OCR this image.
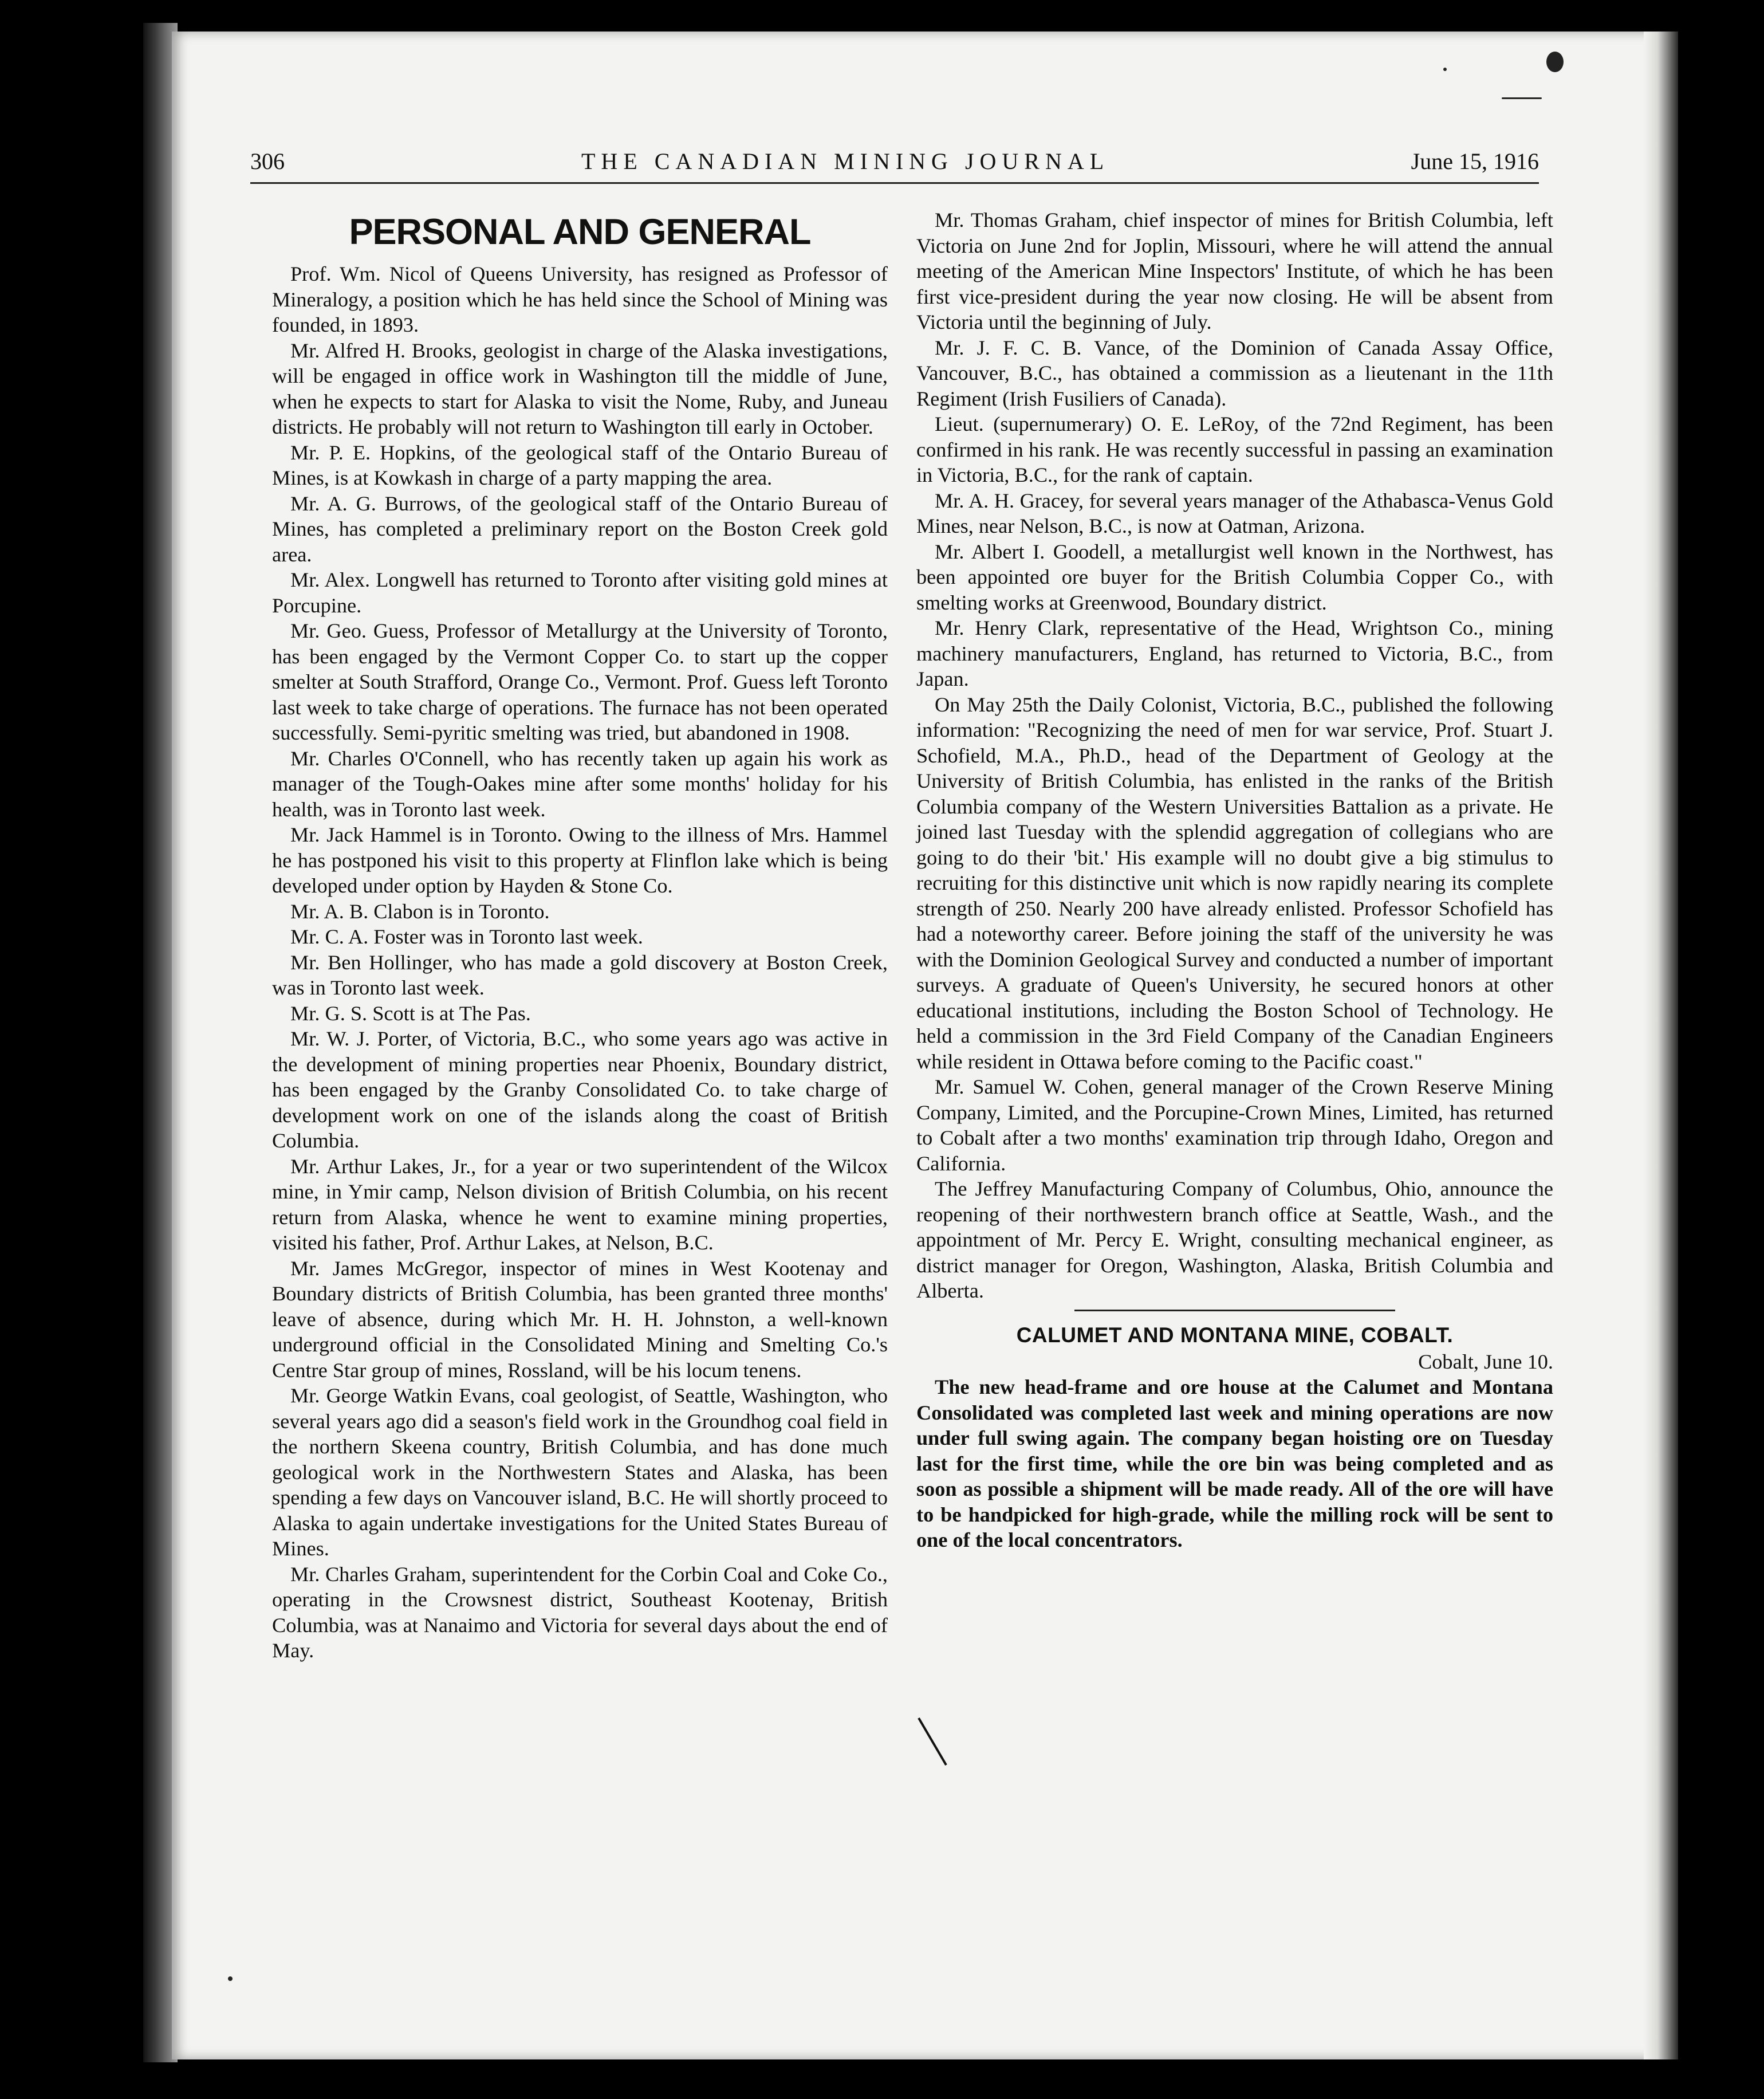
306	THE CANADIAN MINING JOURNAL	June 15, 1916
PERSONAL AND GENERAL

Prof. Wm. Nicol of Queens University, has resigned as Professor of Mineralogy, a position which he has held since the School of Mining was founded, in 1893.

Mr. Alfred H. Brooks, geologist in charge of the Alaska investigations, will be engaged in office work in Washington till the middle of June, when he expects to start for Alaska to visit the Nome, Ruby, and Juneau districts. He probably will not return to Washington till early in October.

Mr. P. E. Hopkins, of the geological staff of the Ontario Bureau of Mines, is at Kowkash in charge of a party mapping the area.

Mr. A. G. Burrows, of the geological staff of the Ontario Bureau of Mines, has completed a preliminary report on the Boston Creek gold area.

Mr. Alex. Longwell has returned to Toronto after visiting gold mines at Porcupine.

Mr. Geo. Guess, Professor of Metallurgy at the University of Toronto, has been engaged by the Vermont Copper Co. to start up the copper smelter at South Strafford, Orange Co., Vermont. Prof. Guess left Toronto last week to take charge of operations. The furnace has not been operated successfully. Semi-pyritic smelting was tried, but abandoned in 1908.

Mr. Charles O'Connell, who has recently taken up again his work as manager of the Tough-Oakes mine after some months' holiday for his health, was in Toronto last week.

Mr. Jack Hammel is in Toronto. Owing to the illness of Mrs. Hammel he has postponed his visit to this property at Flinflon lake which is being developed under option by Hayden & Stone Co.

Mr. A. B. Clabon is in Toronto.

Mr. C. A. Foster was in Toronto last week.

Mr. Ben Hollinger, who has made a gold discovery at Boston Creek, was in Toronto last week.

Mr. G. S. Scott is at The Pas.

Mr. W. J. Porter, of Victoria, B.C., who some years ago was active in the development of mining properties near Phoenix, Boundary district, has been engaged by the Granby Consolidated Co. to take charge of development work on one of the islands along the coast of British Columbia.

Mr. Arthur Lakes, Jr., for a year or two superintendent of the Wilcox mine, in Ymir camp, Nelson division of British Columbia, on his recent return from Alaska, whence he went to examine mining properties, visited his father, Prof. Arthur Lakes, at Nelson, B.C.

Mr. James McGregor, inspector of mines in West Kootenay and Boundary districts of British Columbia, has been granted three months' leave of absence, during which Mr. H. H. Johnston, a well-known underground official in the Consolidated Mining and Smelting Co.'s Centre Star group of mines, Rossland, will be his locum tenens.

Mr. George Watkin Evans, coal geologist, of Seattle, Washington, who several years ago did a season's field work in the Groundhog coal field in the northern Skeena country, British Columbia, and has done much geological work in the Northwestern States and Alaska, has been spending a few days on Vancouver island, B.C. He will shortly proceed to Alaska to again undertake investigations for the United States Bureau of Mines.

Mr. Charles Graham, superintendent for the Corbin Coal and Coke Co., operating in the Crowsnest district, Southeast Kootenay, British Columbia, was at Nanaimo and Victoria for several days about the end of May.

Mr. Thomas Graham, chief inspector of mines for British Columbia, left Victoria on June 2nd for Joplin, Missouri, where he will attend the annual meeting of the American Mine Inspectors' Institute, of which he has been first vice-president during the year now closing. He will be absent from Victoria until the beginning of July.

Mr. J. F. C. B. Vance, of the Dominion of Canada Assay Office, Vancouver, B.C., has obtained a commission as a lieutenant in the 11th Regiment (Irish Fusiliers of Canada).

Lieut. (supernumerary) O. E. LeRoy, of the 72nd Regiment, has been confirmed in his rank. He was recently successful in passing an examination in Victoria, B.C., for the rank of captain.

Mr. A. H. Gracey, for several years manager of the Athabasca-Venus Gold Mines, near Nelson, B.C., is now at Oatman, Arizona.

Mr. Albert I. Goodell, a metallurgist well known in the Northwest, has been appointed ore buyer for the British Columbia Copper Co., with smelting works at Greenwood, Boundary district.

Mr. Henry Clark, representative of the Head, Wrightson Co., mining machinery manufacturers, England, has returned to Victoria, B.C., from Japan.

On May 25th the Daily Colonist, Victoria, B.C., published the following information: "Recognizing the need of men for war service, Prof. Stuart J. Schofield, M.A., Ph.D., head of the Department of Geology at the University of British Columbia, has enlisted in the ranks of the British Columbia company of the Western Universities Battalion as a private. He joined last Tuesday with the splendid aggregation of collegians who are going to do their 'bit.' His example will no doubt give a big stimulus to recruiting for this distinctive unit which is now rapidly nearing its complete strength of 250. Nearly 200 have already enlisted. Professor Schofield has had a noteworthy career. Before joining the staff of the university he was with the Dominion Geological Survey and conducted a number of important surveys. A graduate of Queen's University, he secured honors at other educational institutions, including the Boston School of Technology. He held a commission in the 3rd Field Company of the Canadian Engineers while resident in Ottawa before coming to the Pacific coast."

Mr. Samuel W. Cohen, general manager of the Crown Reserve Mining Company, Limited, and the Porcupine-Crown Mines, Limited, has returned to Cobalt after a two months' examination trip through Idaho, Oregon and California.

The Jeffrey Manufacturing Company of Columbus, Ohio, announce the reopening of their northwestern branch office at Seattle, Wash., and the appointment of Mr. Percy E. Wright, consulting mechanical engineer, as district manager for Oregon, Washington, Alaska, British Columbia and Alberta.

CALUMET AND MONTANA MINE, COBALT.

Cobalt, June 10.

The new head-frame and ore house at the Calumet and Montana Consolidated was completed last week and mining operations are now under full swing again. The company began hoisting ore on Tuesday last for the first time, while the ore bin was being completed and as soon as possible a shipment will be made ready. All of the ore will have to be handpicked for high-grade, while the milling rock will be sent to one of the local concentrators.
